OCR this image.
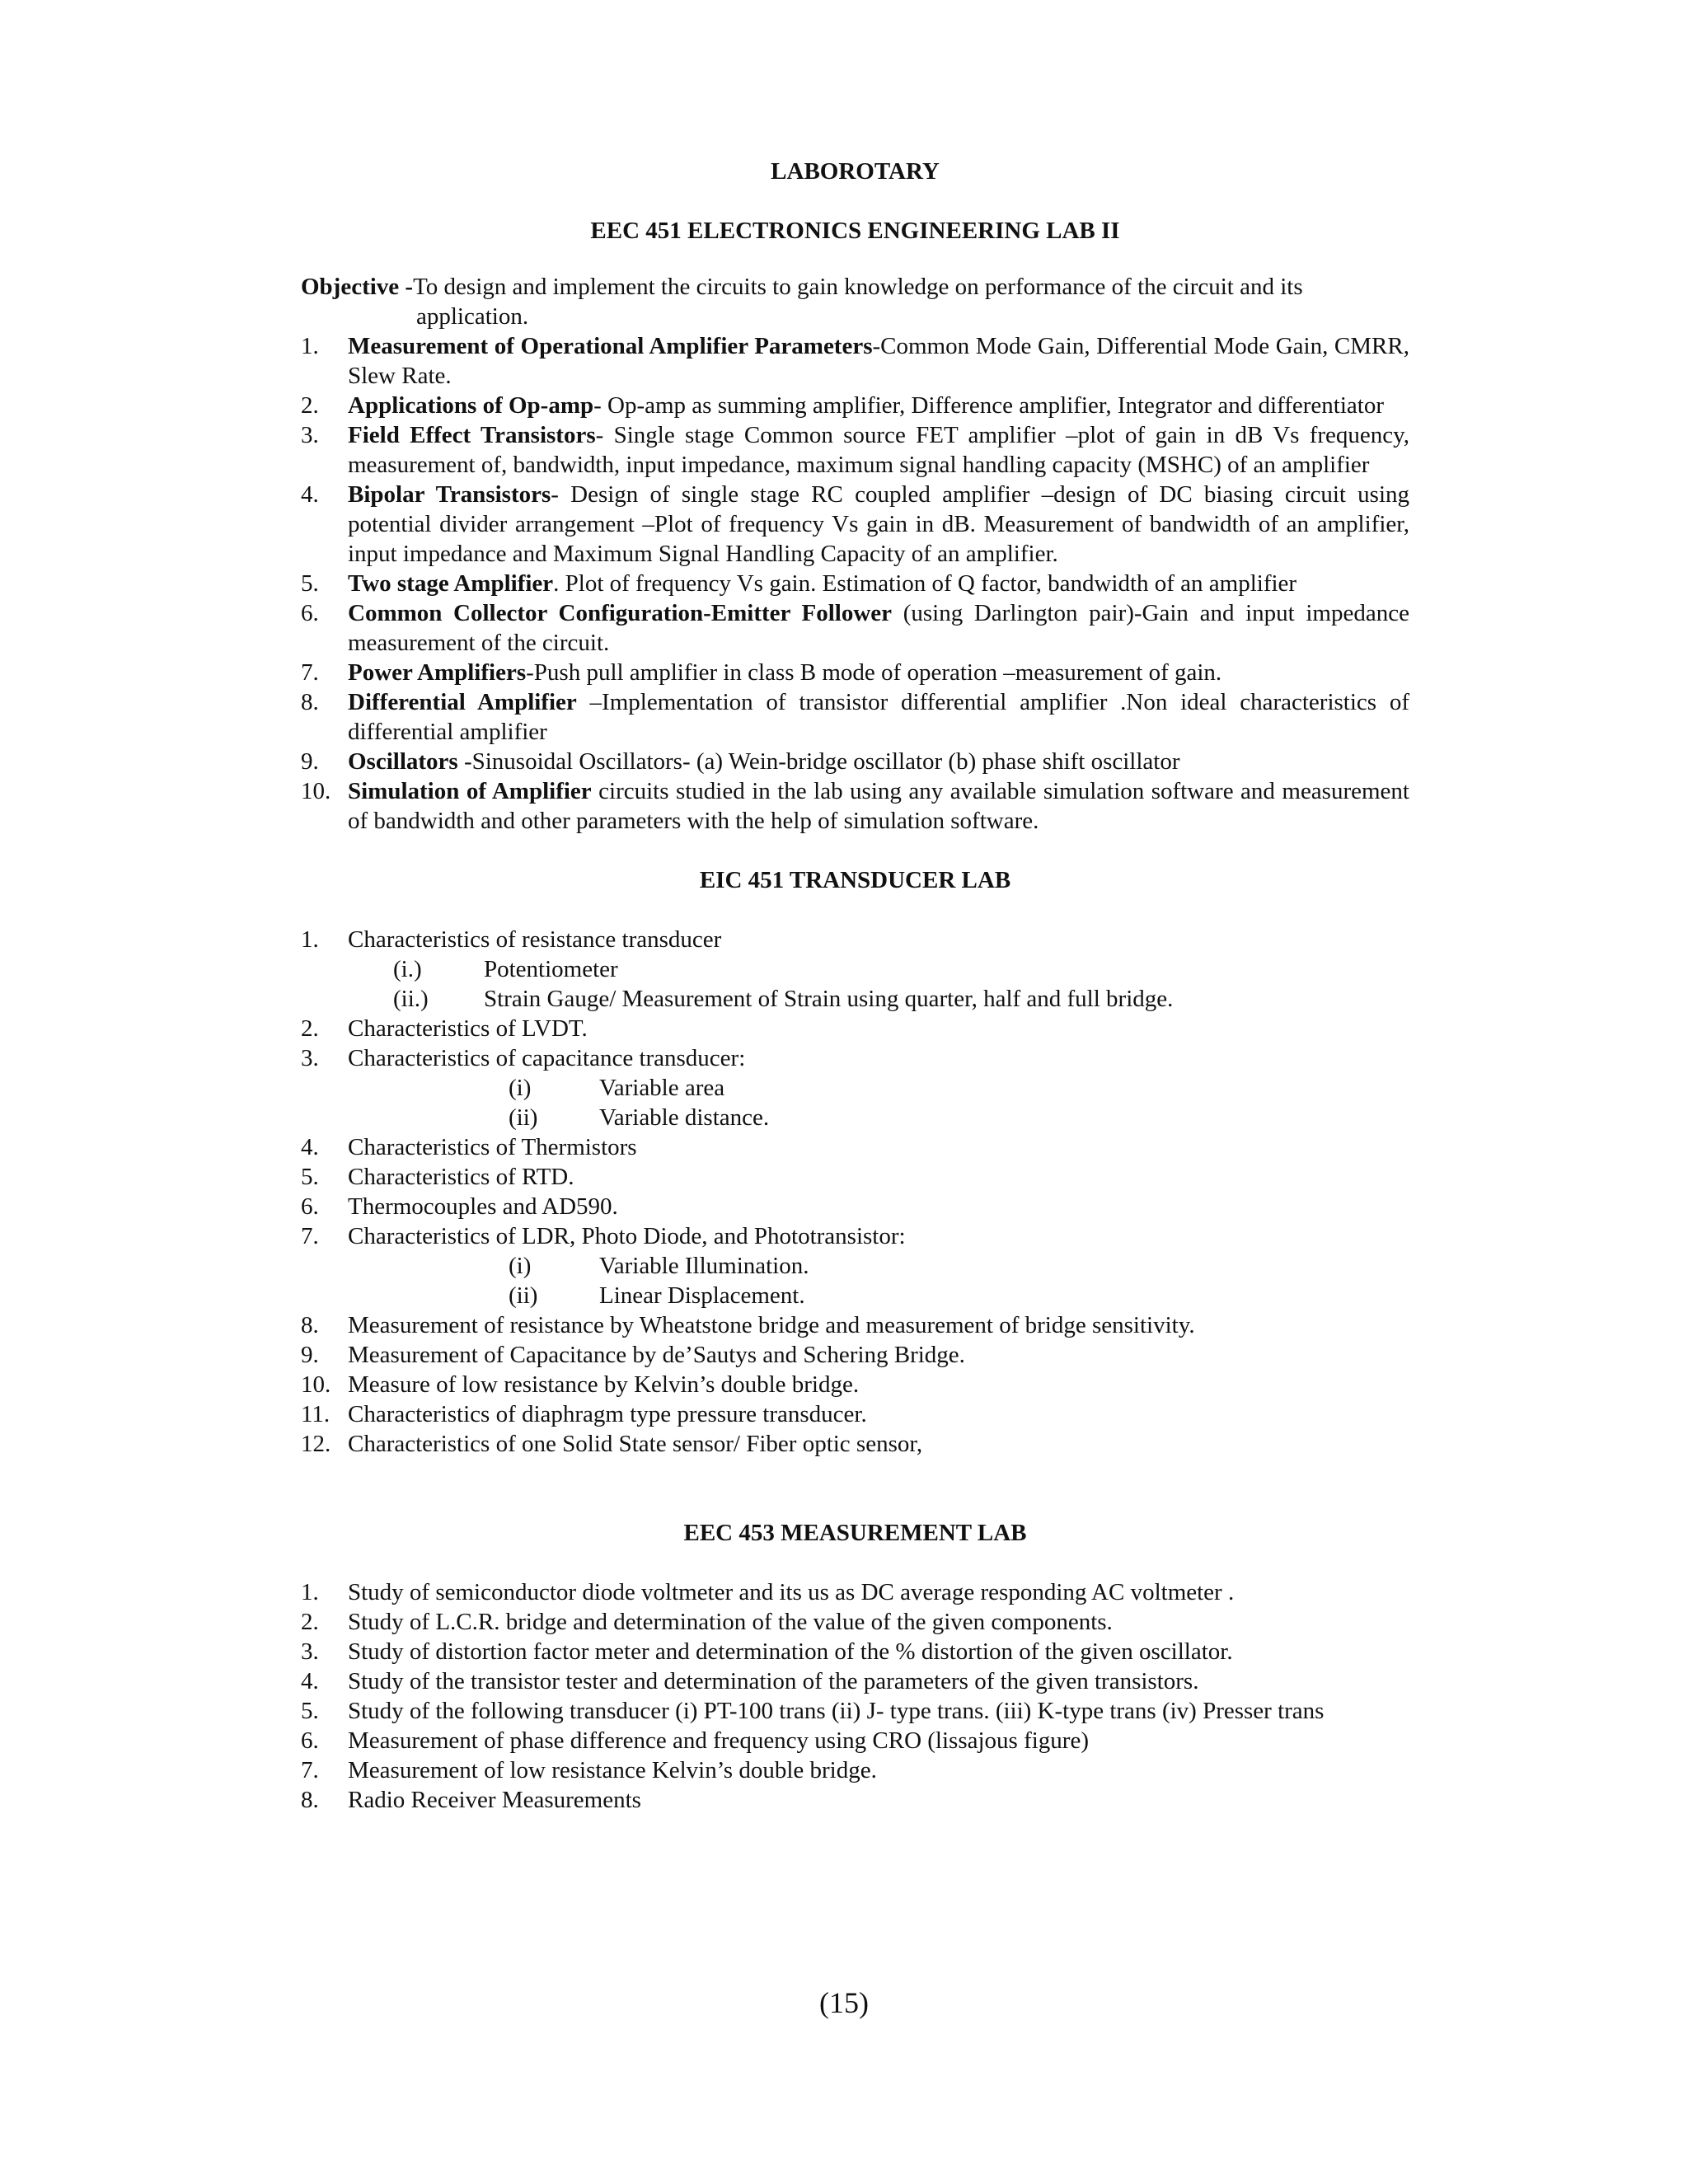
LABOROTARY

EEC 451 ELECTRONICS ENGINEERING LAB II

Objective -To design and implement the circuits to gain knowledge on performance of the circuit and its application.

1. Measurement of Operational Amplifier Parameters-Common Mode Gain, Differential Mode Gain, CMRR, Slew Rate.
2. Applications of Op-amp- Op-amp as summing amplifier, Difference amplifier, Integrator and differentiator
3. Field Effect Transistors- Single stage Common source FET amplifier –plot of gain in dB Vs frequency, measurement of, bandwidth, input impedance, maximum signal handling capacity (MSHC) of an amplifier
4. Bipolar Transistors- Design of single stage RC coupled amplifier –design of DC biasing circuit using potential divider arrangement –Plot of frequency Vs gain in dB. Measurement of bandwidth of an amplifier, input impedance and Maximum Signal Handling Capacity of an amplifier.
5. Two stage Amplifier. Plot of frequency Vs gain. Estimation of Q factor, bandwidth of an amplifier
6. Common Collector Configuration-Emitter Follower (using Darlington pair)-Gain and input impedance measurement of the circuit.
7. Power Amplifiers-Push pull amplifier in class B mode of operation –measurement of gain.
8. Differential Amplifier –Implementation of transistor differential amplifier .Non ideal characteristics of differential amplifier
9. Oscillators -Sinusoidal Oscillators- (a) Wein-bridge oscillator (b) phase shift oscillator
10. Simulation of Amplifier circuits studied in the lab using any available simulation software and measurement of bandwidth and other parameters with the help of simulation software.

EIC 451 TRANSDUCER LAB

1. Characteristics of resistance transducer
(i.)	Potentiometer
(ii.) Strain Gauge/ Measurement of Strain using quarter, half and full bridge.
2. Characteristics of LVDT.
3. Characteristics of capacitance transducer:
(i)	Variable area
(ii)	Variable distance.
4. Characteristics of Thermistors
5. Characteristics of RTD.
6. Thermocouples and AD590.
7. Characteristics of LDR, Photo Diode, and Phototransistor:
(i)	Variable Illumination.
(ii)	Linear Displacement.
8. Measurement of resistance by Wheatstone bridge and measurement of bridge sensitivity.
9. Measurement of Capacitance by de’Sautys and Schering Bridge.
10. Measure of low resistance by Kelvin’s double bridge.
11. Characteristics of diaphragm type pressure transducer.
12. Characteristics of one Solid State sensor/ Fiber optic sensor,

EEC 453 MEASUREMENT LAB

1. Study of semiconductor diode voltmeter and its us as DC average responding AC voltmeter .
2. Study of L.C.R. bridge and determination of the value of the given components.
3. Study of distortion factor meter and determination of the % distortion of the given oscillator.
4. Study of the transistor tester and determination of the parameters of the given transistors.
5. Study of the following transducer (i) PT-100 trans (ii) J- type trans. (iii) K-type trans (iv) Presser trans
6. Measurement of phase difference and frequency using CRO (lissajous figure)
7. Measurement of low resistance Kelvin’s double bridge.
8. Radio Receiver Measurements
(15)
